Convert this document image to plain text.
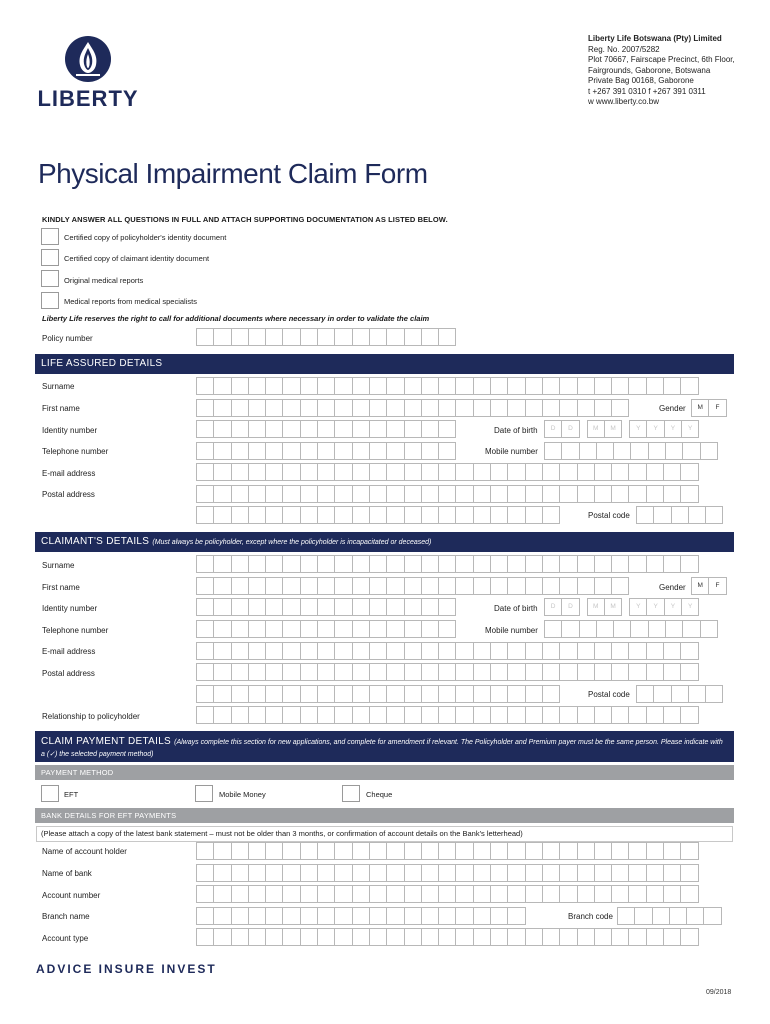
LIBERTY
Liberty Life Botswana (Pty) Limited
Reg. No. 2007/5282
Plot 70667, Fairscape Precinct, 6th Floor,
Fairgrounds, Gaborone, Botswana
Private Bag 00168, Gaborone
t +267 391 0310 f +267 391 0311
w www.liberty.co.bw
Physical Impairment Claim Form
KINDLY ANSWER ALL QUESTIONS IN FULL AND ATTACH SUPPORTING DOCUMENTATION AS LISTED BELOW.
Certified copy of policyholder's identity document
Certified copy of claimant identity document
Original medical reports
Medical reports from medical specialists
Liberty Life reserves the right to call for additional documents where necessary in order to validate the claim
Policy number
LIFE ASSURED DETAILS
Surname
First name	Gender	M	F
Identity number	Date of birth	D	D	M	M	Y	Y	Y	Y
Telephone number	Mobile number
E-mail address
Postal address
Postal code
CLAIMANT'S DETAILS (Must always be policyholder, except where the policyholder is incapacitated or deceased)
Surname
First name	Gender	M	F
Identity number	Date of birth	D	D	M	M	Y	Y	Y	Y
Telephone number	Mobile number
E-mail address
Postal address
Postal code
Relationship to policyholder
CLAIM PAYMENT DETAILS (Always complete this section for new applications, and complete for amendment if relevant. The Policyholder and Premium payer must be the same person. Please indicate with a (✓) the selected payment method)
PAYMENT METHOD
EFT	Mobile Money	Cheque
BANK DETAILS FOR EFT PAYMENTS
(Please attach a copy of the latest bank statement – must not be older than 3 months, or confirmation of account details on the Bank's letterhead)
Name of account holder
Name of bank
Account number
Branch name	Branch code
Account type
ADVICE INSURE INVEST
09/2018
